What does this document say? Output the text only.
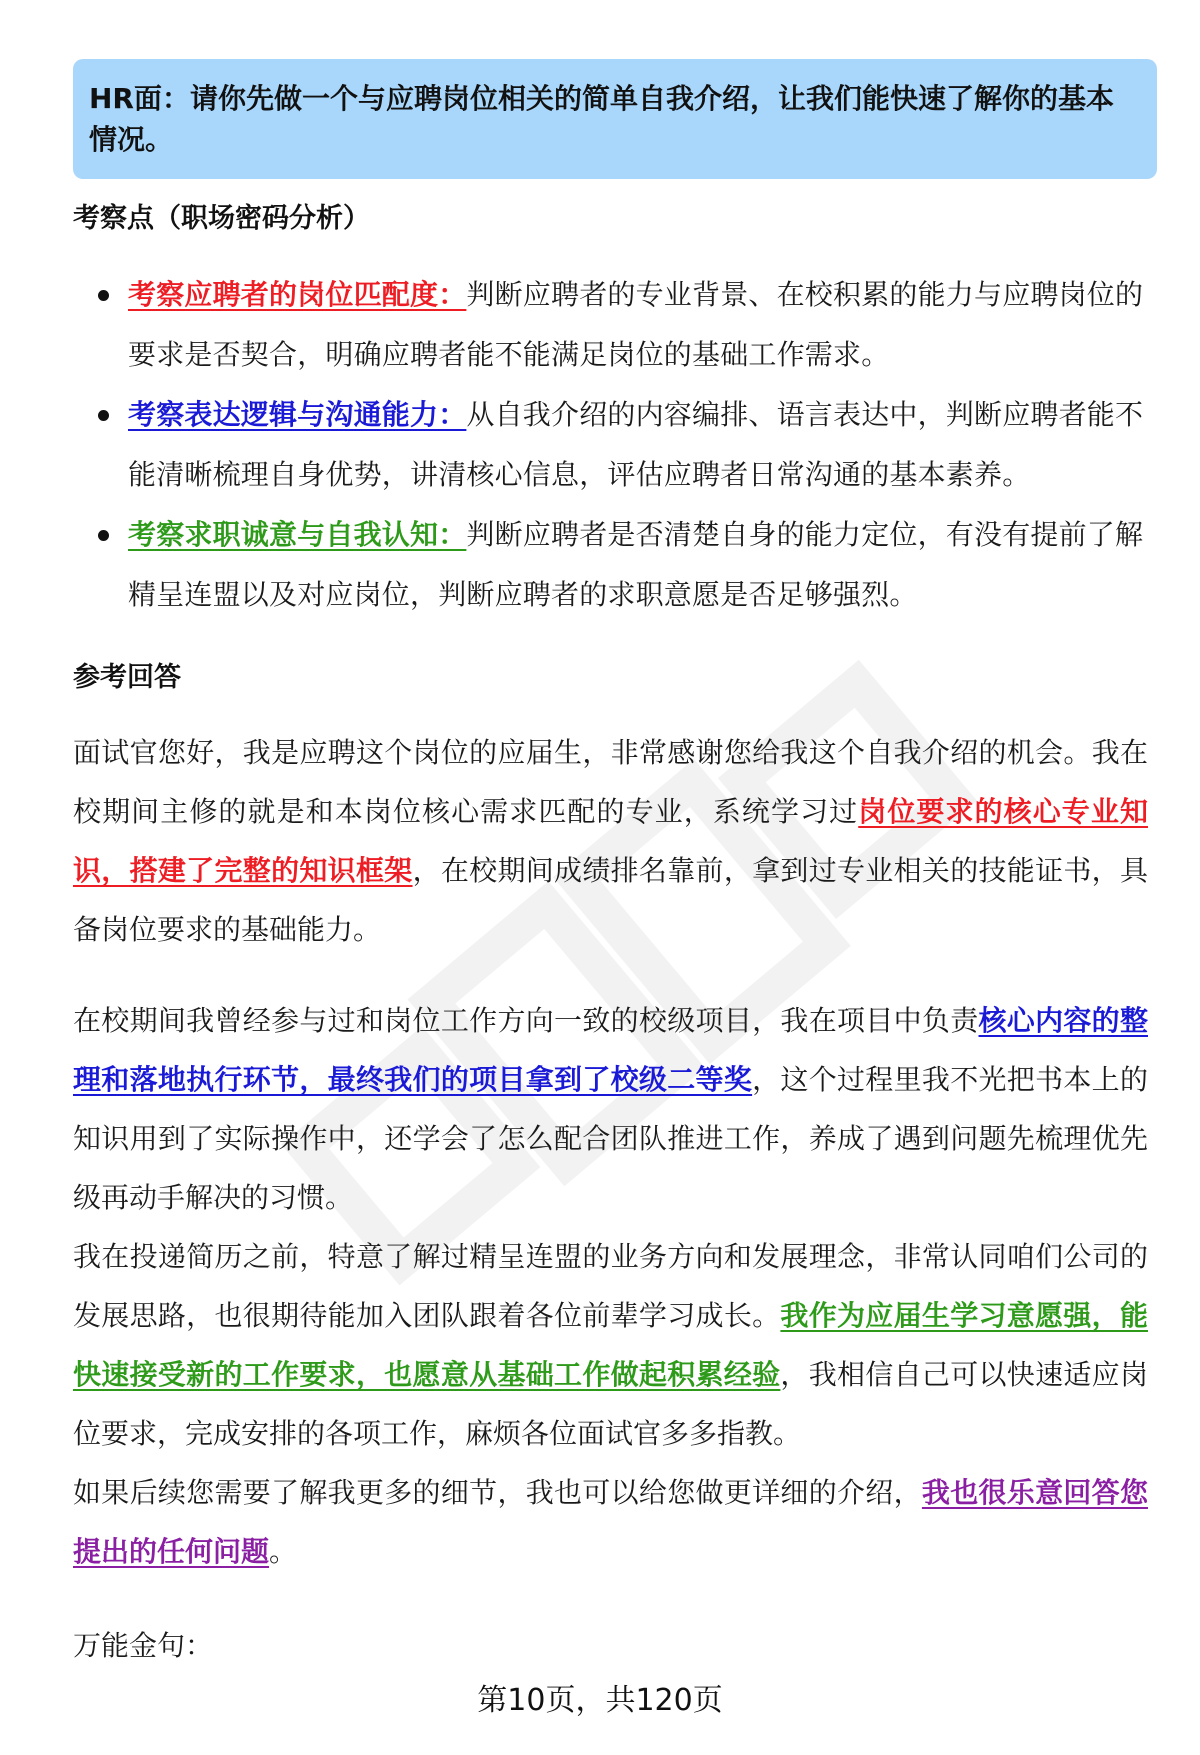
HR面：请你先做一个与应聘岗位相关的简单自我介绍，让我们能快速了解你的基本情况。
考察点（职场密码分析）
考察应聘者的岗位匹配度：判断应聘者的专业背景、在校积累的能力与应聘岗位的要求是否契合，明确应聘者能不能满足岗位的基础工作需求。
考察表达逻辑与沟通能力：从自我介绍的内容编排、语言表达中，判断应聘者能不能清晰梳理自身优势，讲清核心信息，评估应聘者日常沟通的基本素养。
考察求职诚意与自我认知：判断应聘者是否清楚自身的能力定位，有没有提前了解精呈连盟以及对应岗位，判断应聘者的求职意愿是否足够强烈。
参考回答

面试官您好，我是应聘这个岗位的应届生，非常感谢您给我这个自我介绍的机会。我在校期间主修的就是和本岗位核心需求匹配的专业，系统学习过岗位要求的核心专业知识，搭建了完整的知识框架，在校期间成绩排名靠前，拿到过专业相关的技能证书，具备岗位要求的基础能力。

在校期间我曾经参与过和岗位工作方向一致的校级项目，我在项目中负责核心内容的整理和落地执行环节，最终我们的项目拿到了校级二等奖，这个过程里我不光把书本上的知识用到了实际操作中，还学会了怎么配合团队推进工作，养成了遇到问题先梳理优先级再动手解决的习惯。

我在投递简历之前，特意了解过精呈连盟的业务方向和发展理念，非常认同咱们公司的发展思路，也很期待能加入团队跟着各位前辈学习成长。我作为应届生学习意愿强，能快速接受新的工作要求，也愿意从基础工作做起积累经验，我相信自己可以快速适应岗位要求，完成安排的各项工作，麻烦各位面试官多多指教。

如果后续您需要了解我更多的细节，我也可以给您做更详细的介绍，我也很乐意回答您提出的任何问题。

万能金句：

第10页，共120页
